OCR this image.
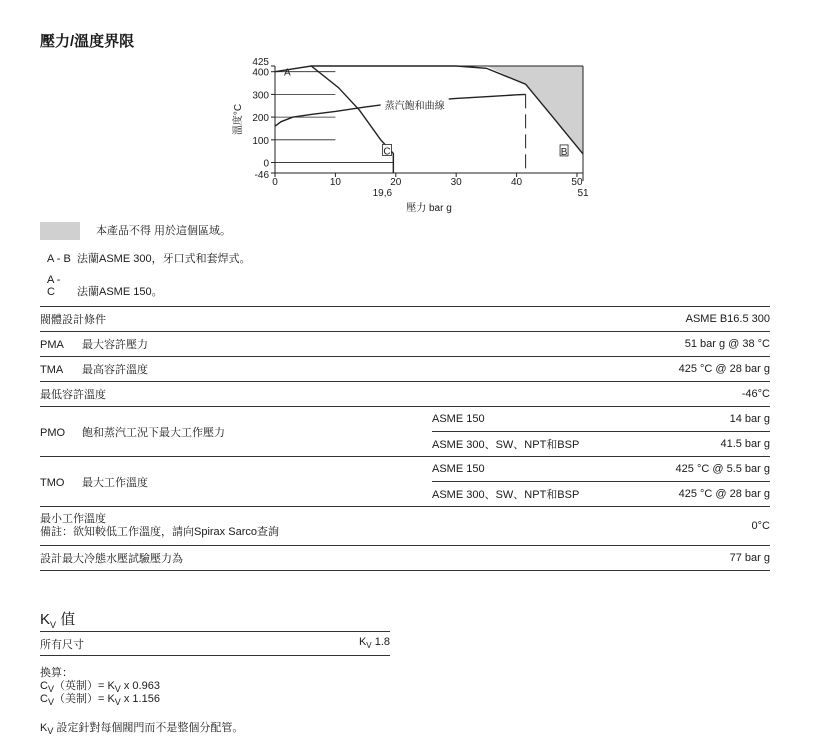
壓力/溫度界限
425
400
300
200
100
0
-46
0	10	20	30	40	50
19,6	51
壓力 bar g
溫度°C
A
B
C
蒸汽飽和曲線
本產品不得 用於這個區域。
A - B 法蘭ASME 300，牙口式和套焊式。
A - C 法蘭ASME 150。
閥體設計條件		ASME B16.5 300
PMA 最大容許壓力		51 bar g @ 38 °C
TMA 最高容許溫度		425 °C @ 28 bar g
最低容許溫度		-46°C
PMO 飽和蒸汽工況下最大工作壓力	ASME 150	14 bar g
	ASME 300、SW、NPT和BSP	41.5 bar g
TMO 最大工作溫度	ASME 150	425 °C @ 5.5 bar g
	ASME 300、SW、NPT和BSP	425 °C @ 28 bar g

最小工作溫度
備註：欲知較低工作溫度，請向Spirax Sarco查詢		0°C
設計最大冷態水壓試驗壓力為		77 bar g
$K_V$ 值
所有尺寸	$K_V$ 1.8
換算：
$C_V$（英制）= $K_V$ x 0.963
$C_V$（美制）= $K_V$ x 1.156
$K_V$ 設定針對每個閥門而不是整個分配管。
